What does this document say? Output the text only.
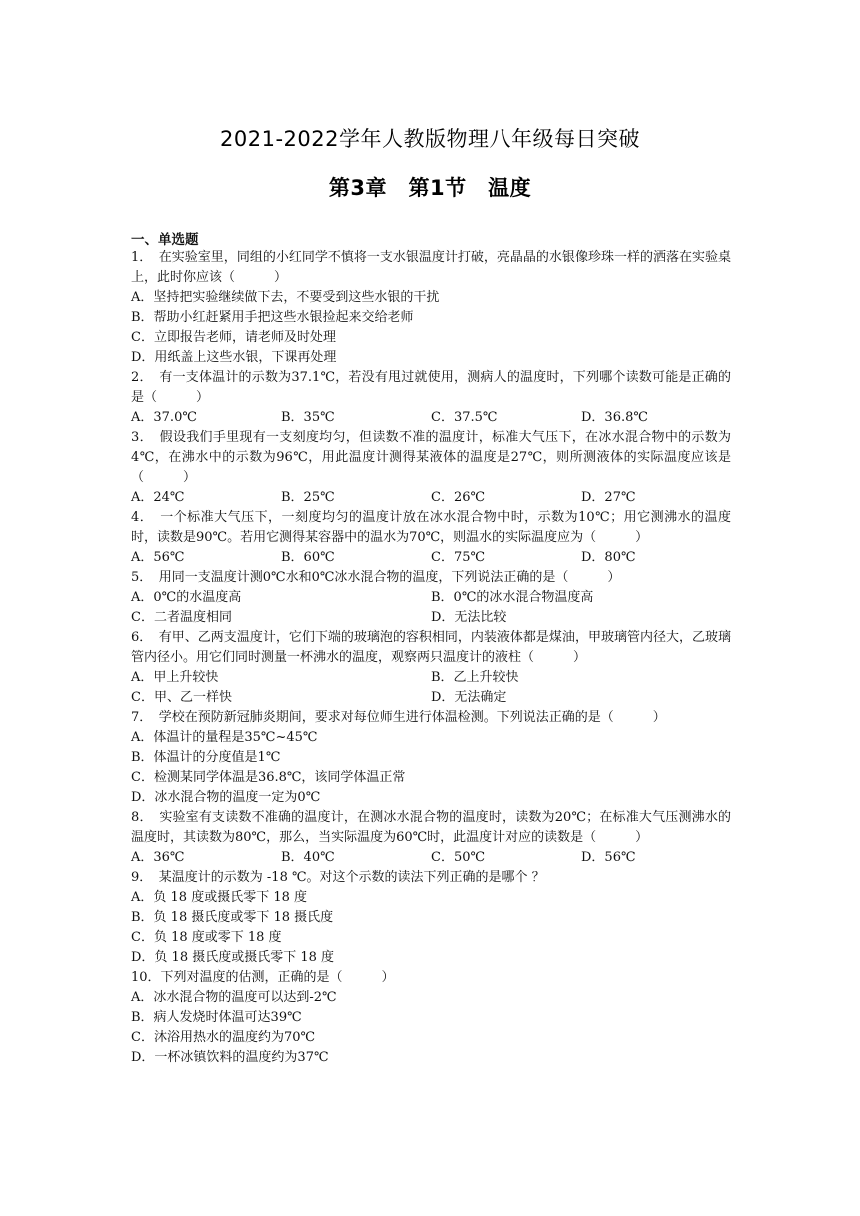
2021-2022学年人教版物理八年级每日突破
第3章　第1节　温度
一、单选题
1．　在实验室里，同组的小红同学不慎将一支水银温度计打破，亮晶晶的水银像珍珠一样的洒落在实验桌上，此时你应该（　　　）
A．坚持把实验继续做下去，不要受到这些水银的干扰
B．帮助小红赶紧用手把这些水银捡起来交给老师
C．立即报告老师，请老师及时处理
D．用纸盖上这些水银，下课再处理
2．　有一支体温计的示数为37.1℃，若没有甩过就使用，测病人的温度时，下列哪个读数可能是正确的是（　　　）
A．37.0℃	B．35℃	C．37.5℃	D．36.8℃
3．　假设我们手里现有一支刻度均匀，但读数不准的温度计，标准大气压下，在冰水混合物中的示数为4℃，在沸水中的示数为96℃，用此温度计测得某液体的温度是27℃，则所测液体的实际温度应该是（　　　）
A．24℃	B．25℃	C．26℃	D．27℃
4．　一个标准大气压下，一刻度均匀的温度计放在冰水混合物中时，示数为10℃；用它测沸水的温度时，读数是90℃。若用它测得某容器中的温水为70℃，则温水的实际温度应为（　　　）
A．56℃	B．60℃	C．75℃	D．80℃
5．　用同一支温度计测0℃水和0℃冰水混合物的温度，下列说法正确的是（　　　）
A．0℃的水温度高	B．0℃的冰水混合物温度高
C．二者温度相同	D．无法比较
6．　有甲、乙两支温度计，它们下端的玻璃泡的容积相同，内装液体都是煤油，甲玻璃管内径大，乙玻璃管内径小。用它们同时测量一杯沸水的温度，观察两只温度计的液柱（　　　）
A．甲上升较快	B．乙上升较快
C．甲、乙一样快	D．无法确定
7．　学校在预防新冠肺炎期间，要求对每位师生进行体温检测。下列说法正确的是（　　　）
A．体温计的量程是35℃~45℃
B．体温计的分度值是1℃
C．检测某同学体温是36.8℃，该同学体温正常
D．冰水混合物的温度一定为0℃
8．　实验室有支读数不准确的温度计，在测冰水混合物的温度时，读数为20℃；在标准大气压测沸水的温度时，其读数为80℃，那么，当实际温度为60℃时，此温度计对应的读数是（　　　）
A．36℃	B．40℃	C．50℃	D．56℃
9．　某温度计的示数为 -18 ℃。对这个示数的读法下列正确的是哪个 ？
A．负 18 度或摄氏零下 18 度
B．负 18 摄氏度或零下 18 摄氏度
C．负 18 度或零下 18 度
D．负 18 摄氏度或摄氏零下 18 度
10．下列对温度的估测，正确的是（　　　）
A．冰水混合物的温度可以达到-2℃
B．病人发烧时体温可达39℃
C．沐浴用热水的温度约为70℃
D．一杯冰镇饮料的温度约为37℃
